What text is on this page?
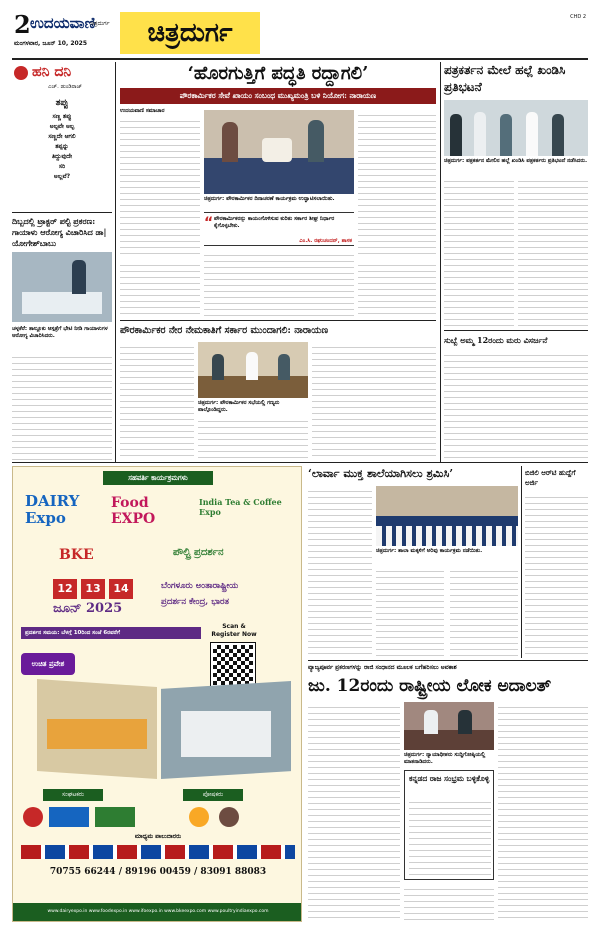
2 ಉದಯವಾಣಿ
ಚಿತ್ರದುರ್ಗ
ಮಂಗಳವಾರ, ಜೂನ್ 10, 2025	ಚಿತ್ರದುರ್ಗ
CHD 2
ಹನಿ ದನಿ
ಎಚ್. ಡುಂಡಿರಾಜ್
ತಪ್ಪು
ಸಣ್ಣ ತಪ್ಪು
ಅಲ್ಪವೇ ಅಲ್ಪ
ಸಣ್ಣದೇ ಆಗಲಿ
ತಪ್ಪನ್ನು
ತಿದ್ದುವುದೇ
ಸರಿ
ಅಲ್ಲವೆ?
ದಿಬ್ಬದಲ್ಲಿ ಟ್ರಾಕ್ಟರ್ ಪಲ್ಟಿ ಪ್ರಕರಣ: ಗಾಯಾಳು ಆರೋಗ್ಯ ವಿಚಾರಿಸಿದ ಡಾ| ಯೋಗೇಶ್‌ಬಾಬು
ಚಳ್ಳಕೆರೆ: ತಾಲ್ಲೂಕು ಆಸ್ಪತ್ರೆಗೆ ಭೇಟಿ ನೀಡಿ ಗಾಯಾಳುಗಳ ಆರೋಗ್ಯ ವಿಚಾರಿಸಿದರು.
‘ಹೊರಗುತ್ತಿಗೆ ಪದ್ಧತಿ ರದ್ದಾಗಲಿ’
ಪೌರಕಾರ್ಮಿಕರ ಸೇವೆ ಖಾಯಂ ಸಂಬಂಧ ಮುಖ್ಯಮಂತ್ರಿ ಬಳಿ ನಿಯೋಗ: ನಾರಾಯಣ
ಉದಯವಾಣಿ ಸಮಾಚಾರ
ಚಿತ್ರದುರ್ಗ: ಪೌರಕಾರ್ಮಿಕರ ದಿನಾಚರಣೆ ಕಾರ್ಯಕ್ರಮ ಉದ್ಘಾಟಿಸಲಾಯಿತು.
“ ಪೌರಕಾರ್ಮಿಕರನ್ನು ಕಾಯಂಗೊಳಿಸುವ ಕುರಿತು ಸರ್ಕಾರ ಶೀಘ್ರ ನಿರ್ಧಾರ ಕೈಗೊಳ್ಳಬೇಕು.
ಎಂ.ಸಿ. ರಘುಚಂದನ್, ಶಾಸಕ
ಪೌರಕಾರ್ಮಿಕರ ನೇರ ನೇಮಕಾತಿಗೆ ಸರ್ಕಾರ ಮುಂದಾಗಲಿ: ನಾರಾಯಣ
ಚಿತ್ರದುರ್ಗ: ಪೌರಕಾರ್ಮಿಕರ ಸಭೆಯಲ್ಲಿ ಗಣ್ಯರು ಪಾಲ್ಗೊಂಡಿದ್ದರು.
ಪತ್ರಕರ್ತನ ಮೇಲೆ ಹಲ್ಲೆ ಖಂಡಿಸಿ ಪ್ರತಿಭಟನೆ
ಚಿತ್ರದುರ್ಗ: ಪತ್ರಕರ್ತನ ಮೇಲಿನ ಹಲ್ಲೆ ಖಂಡಿಸಿ ಪತ್ರಕರ್ತರು ಪ್ರತಿಭಟನೆ ನಡೆಸಿದರು.
ಸುಬ್ಬೆ ಅಮ್ಮ 12ರಂದು ಮರು ವಿಸರ್ಜನೆ
ಸಹವರ್ತಿ ಕಾರ್ಯಕ್ರಮಗಳು
DAIRY Expo
Food EXPO
India Tea & Coffee Expo
BKE	ಪೌಲ್ಟ್ರಿ ಪ್ರದರ್ಶನ
12	13	14
ಜೂನ್ 2025
ಬೆಂಗಳೂರು ಅಂತಾರಾಷ್ಟ್ರೀಯ
ಪ್ರದರ್ಶನ ಕೇಂದ್ರ, ಭಾರತ
ಪ್ರದರ್ಶನ ಸಮಯ: ಬೆಳಗ್ಗೆ 10ರಿಂದ ಸಂಜೆ 6ರವರೆಗೆ
Scan & Register Now
ಉಚಿತ ಪ್ರವೇಶ
ಸಂಘಟಕರು	ಪೋಷಕರು
ಮಾಧ್ಯಮ ಪಾಲುದಾರರು
70755 66244 / 89196 00459 / 83091 88083
www.dairyexpo.in www.foodexpo.in www.ifoexpo.in www.bkeexpo.com www.poultryindiaexpo.com
‘ಲಾರ್ವಾ ಮುಕ್ತ ಶಾಲೆಯಾಗಿಸಲು ಶ್ರಮಿಸಿ’
ಚಿತ್ರದುರ್ಗ: ಶಾಲಾ ಮಕ್ಕಳಿಗೆ ಅರಿವು ಕಾರ್ಯಕ್ರಮ ನಡೆಯಿತು.
ಬಿಜಿಲಿ ಆರ್‌ಟಿ ಹುದ್ದೆಗೆ ಅರ್ಜಿ
ವ್ಯಾಜ್ಯಪೂರ್ವ ಪ್ರಕರಣಗಳನ್ನು ರಾಜಿ ಸಂಧಾನದ ಮೂಲಕ ಬಗೆಹರಿಸಲು ಅವಕಾಶ
ಜು. 12ರಂದು ರಾಷ್ಟ್ರೀಯ ಲೋಕ ಅದಾಲತ್
ಚಿತ್ರದುರ್ಗ: ನ್ಯಾಯಾಧೀಶರು ಸುದ್ದಿಗೋಷ್ಠಿಯಲ್ಲಿ ಮಾತನಾಡಿದರು.
ಕನ್ನಡದ ರಾಜ ಸಂಭ್ರಮ ಬಳ್ಳಿಕೊಳ್ಳಿ
